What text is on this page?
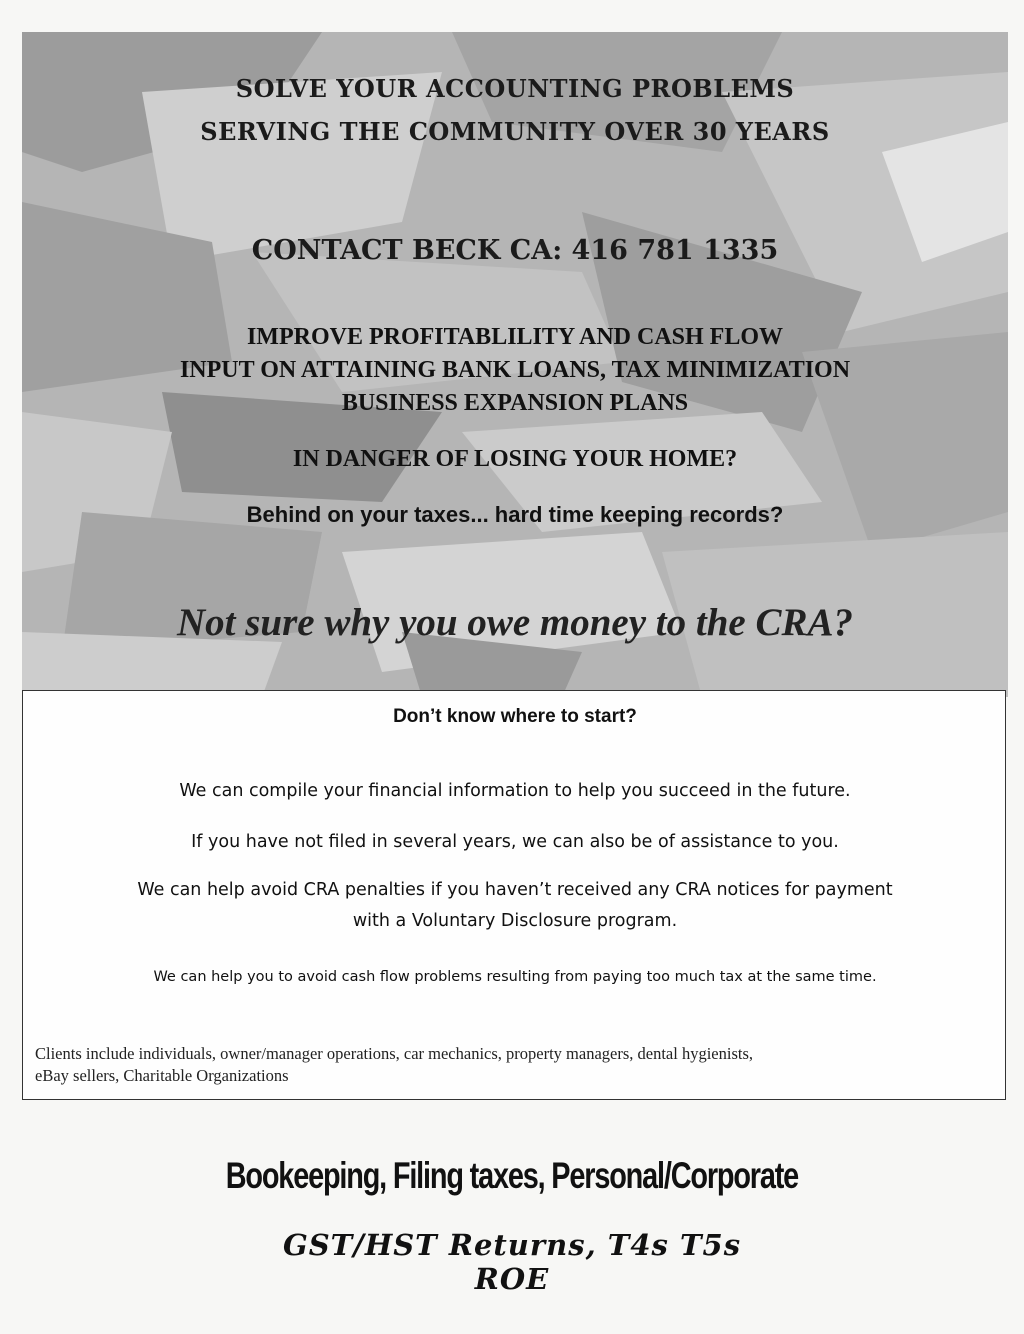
SOLVE YOUR ACCOUNTING PROBLEMS
SERVING THE COMMUNITY OVER 30 YEARS
CONTACT BECK CA: 416 781 1335
IMPROVE PROFITABLILITY AND CASH FLOW
INPUT ON ATTAINING BANK LOANS, TAX MINIMIZATION
BUSINESS EXPANSION PLANS
IN DANGER OF LOSING YOUR HOME?
Behind on your taxes... hard time keeping records?
Not sure why you owe money to the CRA?
Don’t know where to start?
We can compile your financial information to help you succeed in the future.
If you have not filed in several years, we can also be of assistance to you.
We can help avoid CRA penalties if you haven’t received any CRA notices for payment
with a Voluntary Disclosure program.
We can help you to avoid cash flow problems resulting from paying too much tax at the same time.
Clients include individuals, owner/manager operations, car mechanics, property managers, dental hygienists,
eBay sellers, Charitable Organizations
Bookeeping, Filing taxes, Personal/Corporate
GST/HST Returns, T4s T5s
ROE
